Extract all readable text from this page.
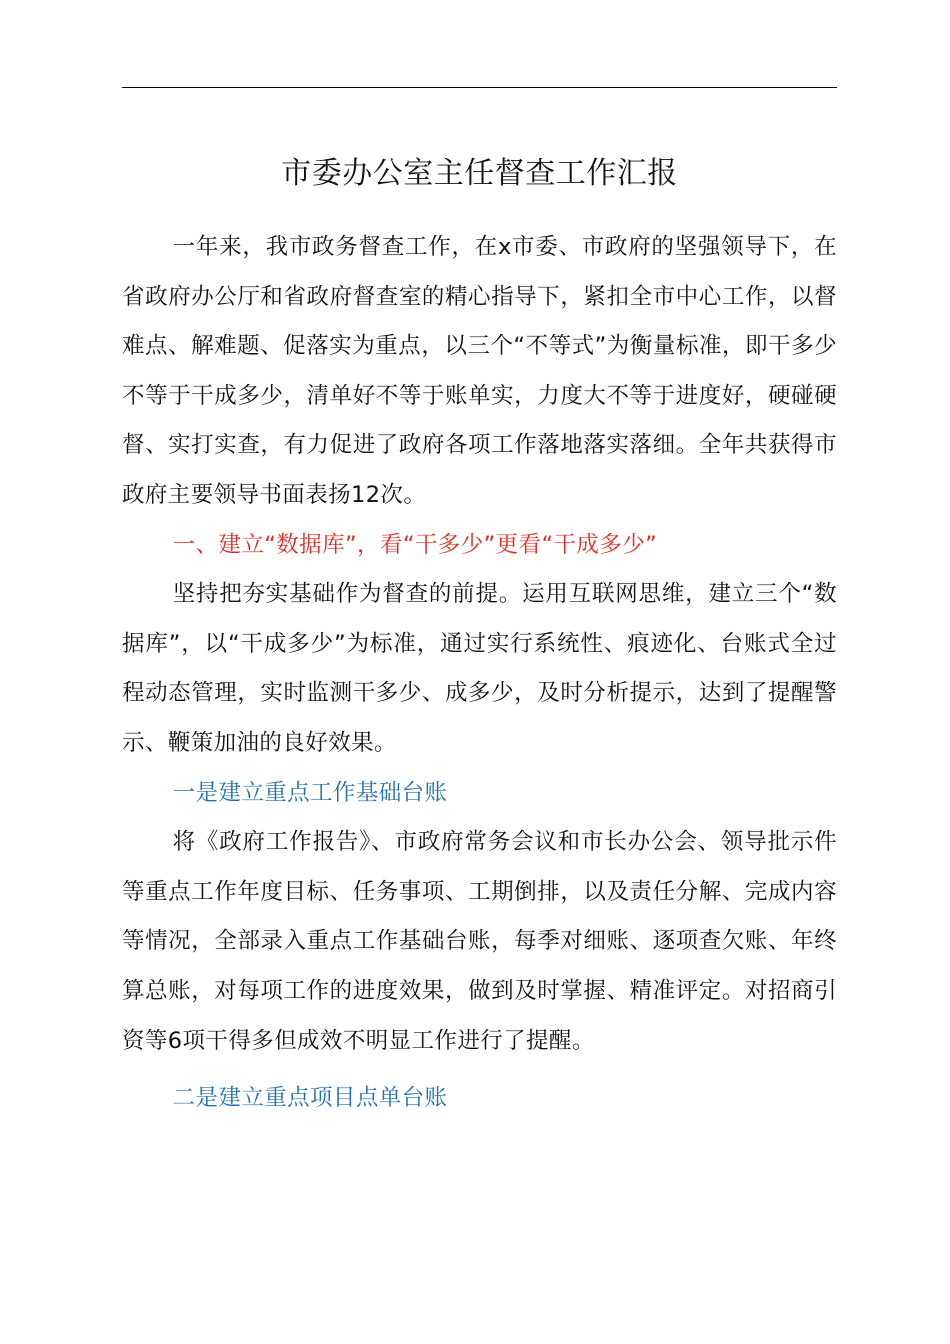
市委办公室主任督查工作汇报

一年来，我市政务督查工作，在x市委、市政府的坚强领导下，在省政府办公厅和省政府督查室的精心指导下，紧扣全市中心工作，以督难点、解难题、促落实为重点，以三个“不等式”为衡量标准，即干多少不等于干成多少，清单好不等于账单实，力度大不等于进度好，硬碰硬督、实打实查，有力促进了政府各项工作落地落实落细。全年共获得市政府主要领导书面表扬12次。

一、建立“数据库”，看“干多少”更看“干成多少”

坚持把夯实基础作为督查的前提。运用互联网思维，建立三个“数据库”，以“干成多少”为标准，通过实行系统性、痕迹化、台账式全过程动态管理，实时监测干多少、成多少，及时分析提示，达到了提醒警示、鞭策加油的良好效果。

一是建立重点工作基础台账

将《政府工作报告》、市政府常务会议和市长办公会、领导批示件等重点工作年度目标、任务事项、工期倒排，以及责任分解、完成内容等情况，全部录入重点工作基础台账，每季对细账、逐项查欠账、年终算总账，对每项工作的进度效果，做到及时掌握、精准评定。对招商引资等6项干得多但成效不明显工作进行了提醒。

二是建立重点项目点单台账
